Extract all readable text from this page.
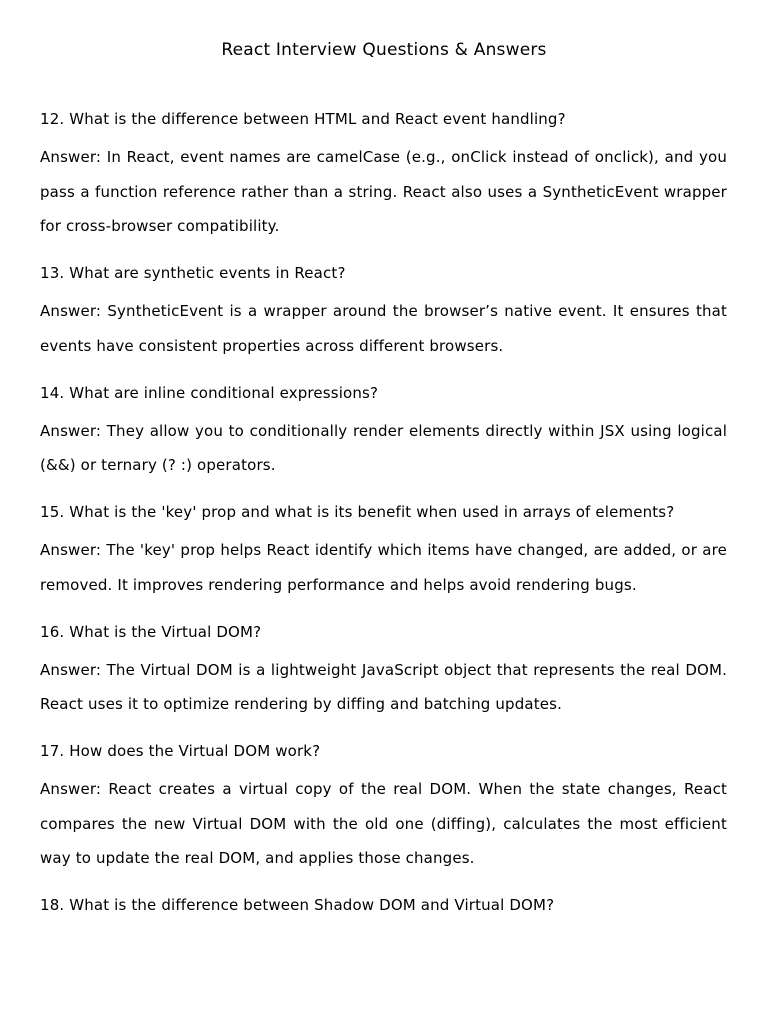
React Interview Questions & Answers

12. What is the difference between HTML and React event handling?

Answer: In React, event names are camelCase (e.g., onClick instead of onclick), and you pass a function reference rather than a string. React also uses a SyntheticEvent wrapper for cross-browser compatibility.

13. What are synthetic events in React?

Answer: SyntheticEvent is a wrapper around the browser’s native event. It ensures that events have consistent properties across different browsers.

14. What are inline conditional expressions?

Answer: They allow you to conditionally render elements directly within JSX using logical (&&) or ternary (? :) operators.

15. What is the 'key' prop and what is its benefit when used in arrays of elements?

Answer: The 'key' prop helps React identify which items have changed, are added, or are removed. It improves rendering performance and helps avoid rendering bugs.

16. What is the Virtual DOM?

Answer: The Virtual DOM is a lightweight JavaScript object that represents the real DOM. React uses it to optimize rendering by diffing and batching updates.

17. How does the Virtual DOM work?

Answer: React creates a virtual copy of the real DOM. When the state changes, React compares the new Virtual DOM with the old one (diffing), calculates the most efficient way to update the real DOM, and applies those changes.

18. What is the difference between Shadow DOM and Virtual DOM?
